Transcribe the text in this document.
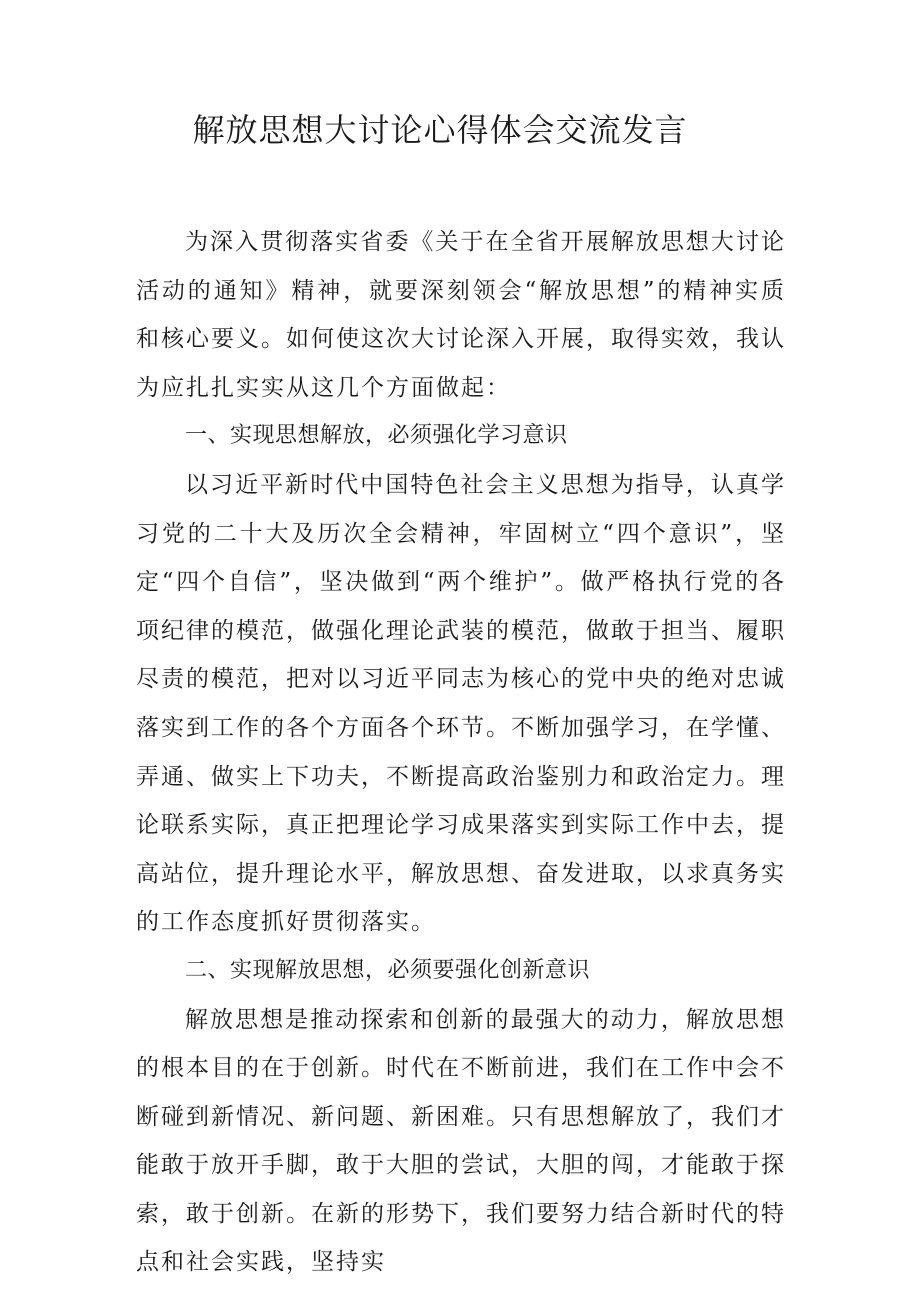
解放思想大讨论心得体会交流发言

为深入贯彻落实省委《关于在全省开展解放思想大讨论活动的通知》精神，就要深刻领会“解放思想”的精神实质和核心要义。如何使这次大讨论深入开展，取得实效，我认为应扎扎实实从这几个方面做起：

一、实现思想解放，必须强化学习意识

以习近平新时代中国特色社会主义思想为指导，认真学习党的二十大及历次全会精神，牢固树立“四个意识”，坚定“四个自信”，坚决做到“两个维护”。做严格执行党的各项纪律的模范，做强化理论武装的模范，做敢于担当、履职尽责的模范，把对以习近平同志为核心的党中央的绝对忠诚落实到工作的各个方面各个环节。不断加强学习，在学懂、弄通、做实上下功夫，不断提高政治鉴别力和政治定力。理论联系实际，真正把理论学习成果落实到实际工作中去，提高站位，提升理论水平，解放思想、奋发进取，以求真务实的工作态度抓好贯彻落实。

二、实现解放思想，必须要强化创新意识

解放思想是推动探索和创新的最强大的动力，解放思想的根本目的在于创新。时代在不断前进，我们在工作中会不断碰到新情况、新问题、新困难。只有思想解放了，我们才能敢于放开手脚，敢于大胆的尝试，大胆的闯，才能敢于探索，敢于创新。在新的形势下，我们要努力结合新时代的特点和社会实践，坚持实
